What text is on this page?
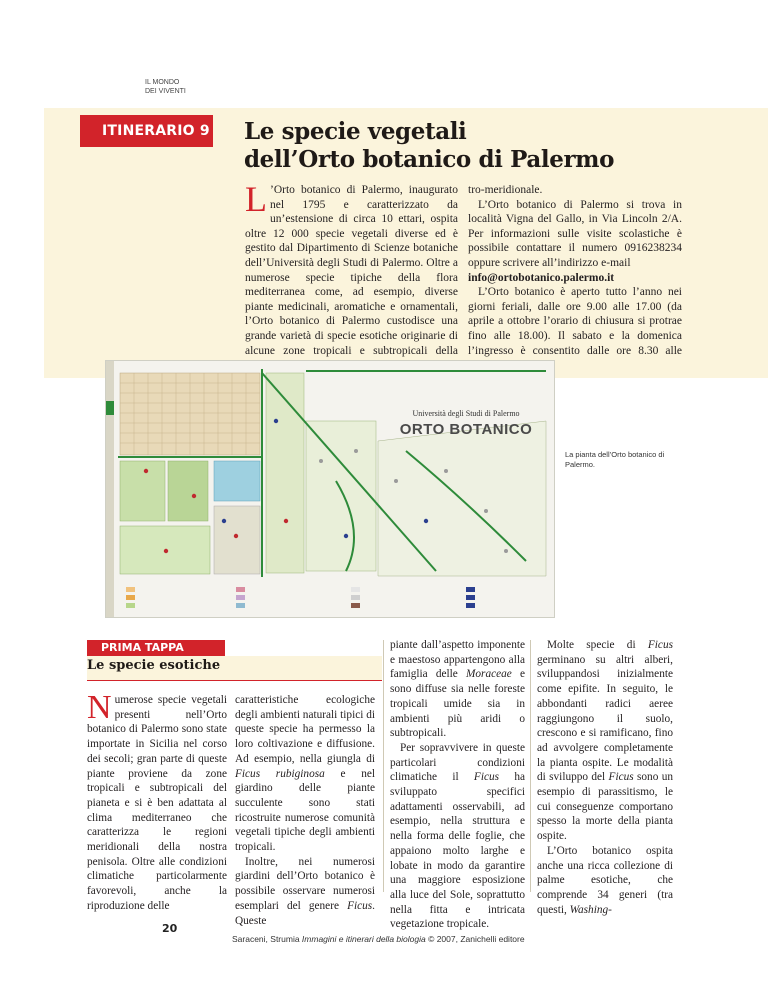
IL MONDO
DEI VIVENTI
ITINERARIO 9 Le specie vegetali
dell’Orto botanico di Palermo
L ’Orto botanico di Palermo, inaugurato nel 1795 e caratterizzato da un’estensione di circa 10 ettari, ospita oltre 12 000 specie vegetali diverse ed è gestito dal Dipartimento di Scienze botaniche dell’Università degli Studi di Palermo. Oltre a numerose specie tipiche della flora mediterranea come, ad esempio, diverse piante medicinali, aromatiche e ornamentali, l’Orto botanico di Palermo custodisce una grande varietà di specie esotiche originarie di alcune zone tropicali e subtropicali della

tro-meridionale.

L’Orto botanico di Palermo si trova in località Vigna del Gallo, in Via Lincoln 2/A. Per informazioni sulle visite scolastiche è possibile contattare il numero 0916238234 oppure scrivere all’indirizzo e-mail
info@ortobotanico.palermo.it

L’Orto botanico è aperto tutto l’anno nei giorni feriali, dalle ore 9.00 alle 17.00 (da aprile a ottobre l’orario di chiusura si protrae fino alle 18.00). Il sabato e la domenica l’ingresso è consentito dalle ore 8.30 alle

Università degli Studi di Palermo
ORTO BOTANICO
La pianta dell’Orto botanico di Palermo.
PRIMA TAPPA
Le specie esotiche
Numerose specie vegetali presenti nell’Orto botanico di Palermo sono state importate in Sicilia nel corso dei secoli; gran parte di queste piante proviene da zone tropicali e subtropicali del pianeta e si è ben adattata al clima mediterraneo che caratterizza le regioni meridionali della nostra penisola. Oltre alle condizioni climatiche particolarmente favorevoli, anche la riproduzione delle

caratteristiche ecologiche degli ambienti naturali tipici di queste specie ha permesso la loro coltivazione e diffusione. Ad esempio, nella giungla di Ficus rubiginosa e nel giardino delle piante succulente sono stati ricostruite numerose comunità vegetali tipiche degli ambienti tropicali.

Inoltre, nei numerosi giardini dell’Orto botanico è possibile osservare numerosi esemplari del genere Ficus. Queste

piante dall’aspetto imponente e maestoso appartengono alla famiglia delle Moraceae e sono diffuse sia nelle foreste tropicali umide sia in ambienti più aridi o subtropicali.

Per sopravvivere in queste particolari condizioni climatiche il Ficus ha sviluppato specifici adattamenti osservabili, ad esempio, nella struttura e nella forma delle foglie, che appaiono molto larghe e lobate in modo da garantire una maggiore esposizione alla luce del Sole, soprattutto nella fitta e intricata vegetazione tropicale.

Molte specie di Ficus germinano su altri alberi, sviluppandosi inizialmente come epifite. In seguito, le abbondanti radici aeree raggiungono il suolo, crescono e si ramificano, fino ad avvolgere completamente la pianta ospite. Le modalità di sviluppo del Ficus sono un esempio di parassitismo, le cui conseguenze comportano spesso la morte della pianta ospite.

L’Orto botanico ospita anche una ricca collezione di palme esotiche, che comprende 34 generi (tra questi, Washing-

20
Saraceni, Strumia Immagini e itinerari della biologia © 2007, Zanichelli editore
